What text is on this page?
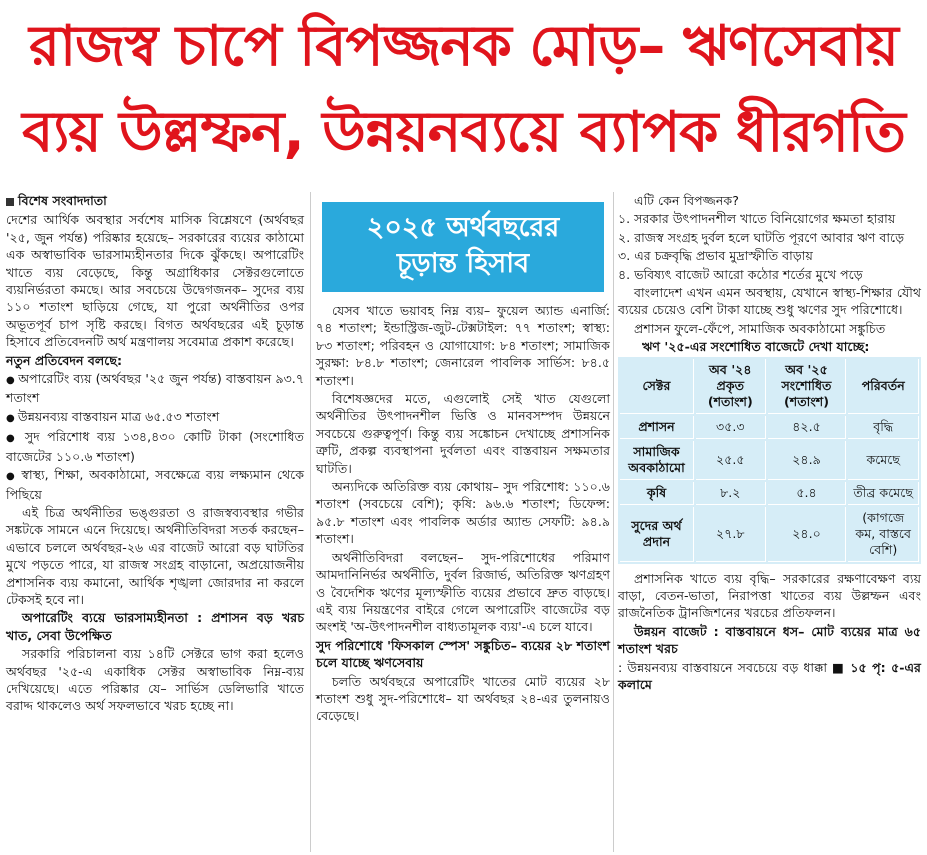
রাজস্ব চাপে বিপজ্জনক মোড়– ঋণসেবায়
ব্যয় উল্লম্ফন, উন্নয়নব্যয়ে ব্যাপক ধীরগতি
বিশেষ সংবাদদাতা

দেশের আর্থিক অবস্থার সর্বশেষ মাসিক বিশ্লেষণে (অর্থবছর '২৫, জুন পর্যন্ত) পরিষ্কার হয়েছে– সরকারের ব্যয়ের কাঠামো এক অস্বাভাবিক ভারসাম্যহীনতার দিকে ঝুঁকছে। অপারেটিং খাতে ব্যয় বেড়েছে, কিন্তু অগ্রাধিকার সেক্টরগুলোতে ব্যয়নির্ভরতা কমছে। আর সবচেয়ে উদ্বেগজনক– সুদের ব্যয় ১১০ শতাংশ ছাড়িয়ে গেছে, যা পুরো অর্থনীতির ওপর অভূতপূর্ব চাপ সৃষ্টি করছে। বিগত অর্থবছরের এই চূড়ান্ত হিসাবে প্রতিবেদনটি অর্থ মন্ত্রণালয় সবেমাত্র প্রকাশ করেছে।

নতুন প্রতিবেদন বলছে:

● অপারেটিং ব্যয় (অর্থবছর '২৫ জুন পর্যন্ত) বাস্তবায়ন ৯৩.৭ শতাংশ

● উন্নয়নব্যয় বাস্তবায়ন মাত্র ৬৫.৫৩ শতাংশ

● সুদ পরিশোধ ব্যয় ১৩৪,৪৩০ কোটি টাকা (সংশোধিত বাজেটের ১১০.৬ শতাংশ)

● স্বাস্থ্য, শিক্ষা, অবকাঠামো, সবক্ষেত্রে ব্যয় লক্ষ্যমান থেকে পিছিয়ে

এই চিত্র অর্থনীতির ভঙ্গুরতা ও রাজস্বব্যবস্থার গভীর সঙ্কটকে সামনে এনে দিয়েছে। অর্থনীতিবিদরা সতর্ক করছেন– এভাবে চললে অর্থবছর-২৬ এর বাজেট আরো বড় ঘাটতির মুখে পড়তে পারে, যা রাজস্ব সংগ্রহ বাড়ানো, অপ্রয়োজনীয় প্রশাসনিক ব্যয় কমানো, আর্থিক শৃঙ্খলা জোরদার না করলে টেকসই হবে না।

অপারেটিং ব্যয়ে ভারসাম্যহীনতা : প্রশাসন বড় খরচ খাত, সেবা উপেক্ষিত

সরকারি পরিচালনা ব্যয় ১৪টি সেক্টরে ভাগ করা হলেও অর্থবছর '২৫-এ একাধিক সেক্টর অস্বাভাবিক নিম্ন-ব্যয় দেখিয়েছে। এতে পরিষ্কার যে– সার্ভিস ডেলিভারি খাতে বরাদ্দ থাকলেও অর্থ সফলভাবে খরচ হচ্ছে না।

২০২৫ অর্থবছরের
চূড়ান্ত হিসাব

যেসব খাতে ভয়াবহ নিম্ন ব্যয়– ফুয়েল অ্যান্ড এনার্জি: ৭৪ শতাংশ; ইন্ডাস্ট্রিজ-জুট-টেক্সটাইল: ৭৭ শতাংশ; স্বাস্থ্য: ৮৩ শতাংশ; পরিবহন ও যোগাযোগ: ৮৪ শতাংশ; সামাজিক সুরক্ষা: ৮৪.৮ শতাংশ; জেনারেল পাবলিক সার্ভিস: ৮৪.৫ শতাংশ।

বিশেষজ্ঞদের মতে, এগুলোই সেই খাত যেগুলো অর্থনীতির উৎপাদনশীল ভিত্তি ও মানবসম্পদ উন্নয়নে সবচেয়ে গুরুত্বপূর্ণ। কিন্তু ব্যয় সঙ্কোচন দেখাচ্ছে প্রশাসনিক ত্রুটি, প্রকল্প ব্যবস্থাপনা দুর্বলতা এবং বাস্তবায়ন সক্ষমতার ঘাটতি।

অন্যদিকে অতিরিক্ত ব্যয় কোথায়– সুদ পরিশোধ: ১১০.৬ শতাংশ (সবচেয়ে বেশি); কৃষি: ৯৬.৬ শতাংশ; ডিফেন্স: ৯৫.৮ শতাংশ এবং পাবলিক অর্ডার অ্যান্ড সেফটি: ৯৪.৯ শতাংশ।

অর্থনীতিবিদরা বলছেন– সুদ-পরিশোধের পরিমাণ আমদানিনির্ভর অর্থনীতি, দুর্বল রিজার্ভ, অতিরিক্ত ঋণগ্রহণ ও বৈদেশিক ঋণের মূল্যস্ফীতি ব্যয়ের প্রভাবে দ্রুত বাড়ছে। এই ব্যয় নিয়ন্ত্রণের বাইরে গেলে অপারেটিং বাজেটের বড় অংশই 'অ-উৎপাদনশীল বাধ্যতামূলক ব্যয়'-এ চলে যাবে।

সুদ পরিশোধে 'ফিসকাল স্পেস' সঙ্কুচিত– ব্যয়ের ২৮ শতাংশ চলে যাচ্ছে ঋণসেবায়

চলতি অর্থবছরে অপারেটিং খাতের মোট ব্যয়ের ২৮ শতাংশ শুধু সুদ-পরিশোধে– যা অর্থবছর ২৪-এর তুলনায়ও বেড়েছে।

এটি কেন বিপজ্জনক?

১. সরকার উৎপাদনশীল খাতে বিনিয়োগের ক্ষমতা হারায়

২. রাজস্ব সংগ্রহ দুর্বল হলে ঘাটতি পূরণে আবার ঋণ বাড়ে

৩. এর চক্রবৃদ্ধি প্রভাব মুদ্রাস্ফীতি বাড়ায়

৪. ভবিষ্যৎ বাজেট আরো কঠোর শর্তের মুখে পড়ে

বাংলাদেশ এখন এমন অবস্থায়, যেখানে স্বাস্থ্য-শিক্ষার যৌথ ব্যয়ের চেয়েও বেশি টাকা যাচ্ছে শুধু ঋণের সুদ পরিশোধে।

প্রশাসন ফুলে-ফেঁপে, সামাজিক অবকাঠামো সঙ্কুচিত

ঋণ '২৫-এর সংশোধিত বাজেটে দেখা যাচ্ছে:

সেক্টর	অব '২৪ প্রকৃত (শতাংশ)	অব '২৫ সংশোধিত (শতাংশ)	পরিবর্তন
প্রশাসন	৩৫.৩	৪২.৫	বৃদ্ধি
সামাজিক অবকাঠামো	২৫.৫	২৪.৯	কমেছে
কৃষি	৮.২	৫.৪	তীব্র কমেছে
সুদের অর্থ প্রদান	২৭.৮	২৪.০	(কাগজে কম, বাস্তবে বেশি)

প্রশাসনিক খাতে ব্যয় বৃদ্ধি– সরকারের রক্ষণাবেক্ষণ ব্যয় বাড়া, বেতন-ভাতা, নিরাপত্তা খাতের ব্যয় উল্লম্ফন এবং রাজনৈতিক ট্রানজিশনের খরচের প্রতিফলন।

উন্নয়ন বাজেট : বাস্তবায়নে ধস– মোট ব্যয়ের মাত্র ৬৫ শতাংশ খরচ

: উন্নয়নব্যয় বাস্তবায়নে সবচেয়ে বড় ধাক্কা ■ ১৫ পৃ: ৫-এর কলামে
